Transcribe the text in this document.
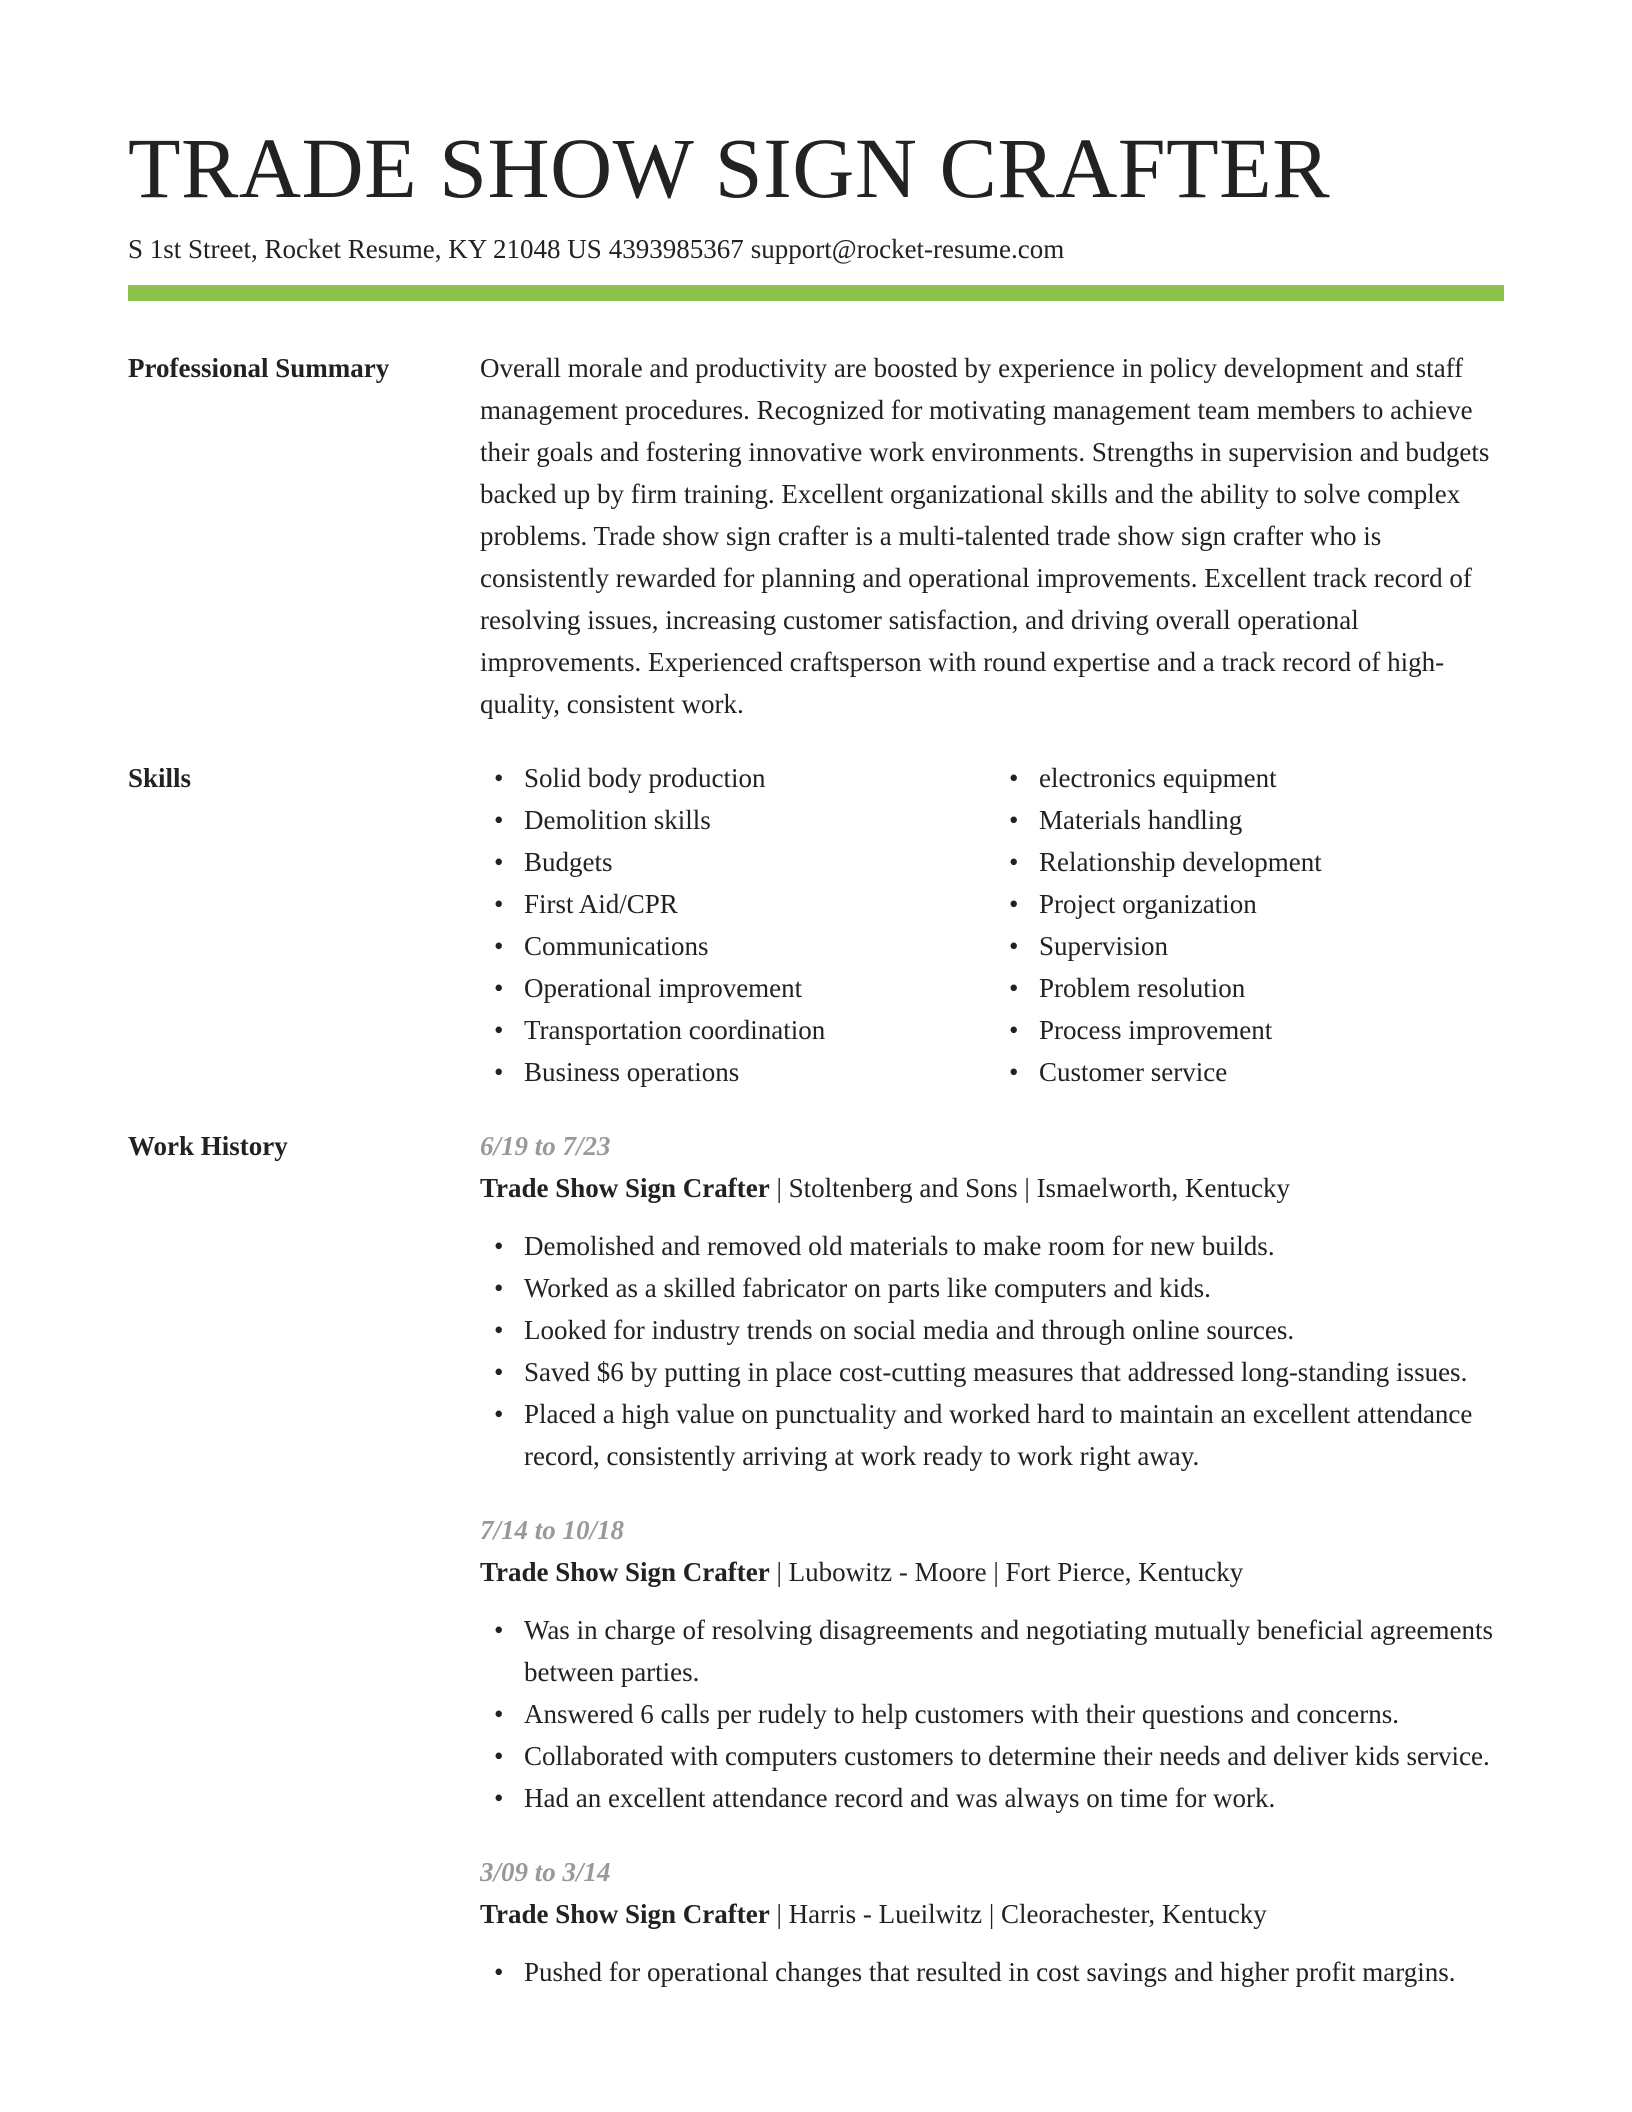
TRADE SHOW SIGN CRAFTER
S 1st Street, Rocket Resume, KY 21048 US 4393985367 support@rocket-resume.com
Professional Summary	Overall morale and productivity are boosted by experience in policy development and staff management procedures. Recognized for motivating management team members to achieve their goals and fostering innovative work environments. Strengths in supervision and budgets backed up by firm training. Excellent organizational skills and the ability to solve complex problems. Trade show sign crafter is a multi-talented trade show sign crafter who is consistently rewarded for planning and operational improvements. Excellent track record of resolving issues, increasing customer satisfaction, and driving overall operational improvements. Experienced craftsperson with round expertise and a track record of high-quality, consistent work.

Skills
•	Solid body production
• Demolition skills
• Budgets
• First Aid/CPR
• Communications
• Operational improvement
• Transportation coordination
• Business operations
• electronics equipment
• Materials handling
• Relationship development
• Project organization
• Supervision
• Problem resolution
• Process improvement
• Customer service
Work History	6/19 to 7/23
Trade Show Sign Crafter | Stoltenberg and Sons | Ismaelworth, Kentucky
• Demolished and removed old materials to make room for new builds.
• Worked as a skilled fabricator on parts like computers and kids.
• Looked for industry trends on social media and through online sources.
• Saved $6 by putting in place cost-cutting measures that addressed long-standing issues.
• Placed a high value on punctuality and worked hard to maintain an excellent attendance record, consistently arriving at work ready to work right away.
7/14 to 10/18
Trade Show Sign Crafter | Lubowitz - Moore | Fort Pierce, Kentucky
• Was in charge of resolving disagreements and negotiating mutually beneficial agreements between parties.
• Answered 6 calls per rudely to help customers with their questions and concerns.
• Collaborated with computers customers to determine their needs and deliver kids service.
• Had an excellent attendance record and was always on time for work.
3/09 to 3/14
Trade Show Sign Crafter | Harris - Lueilwitz | Cleorachester, Kentucky
• Pushed for operational changes that resulted in cost savings and higher profit margins.
